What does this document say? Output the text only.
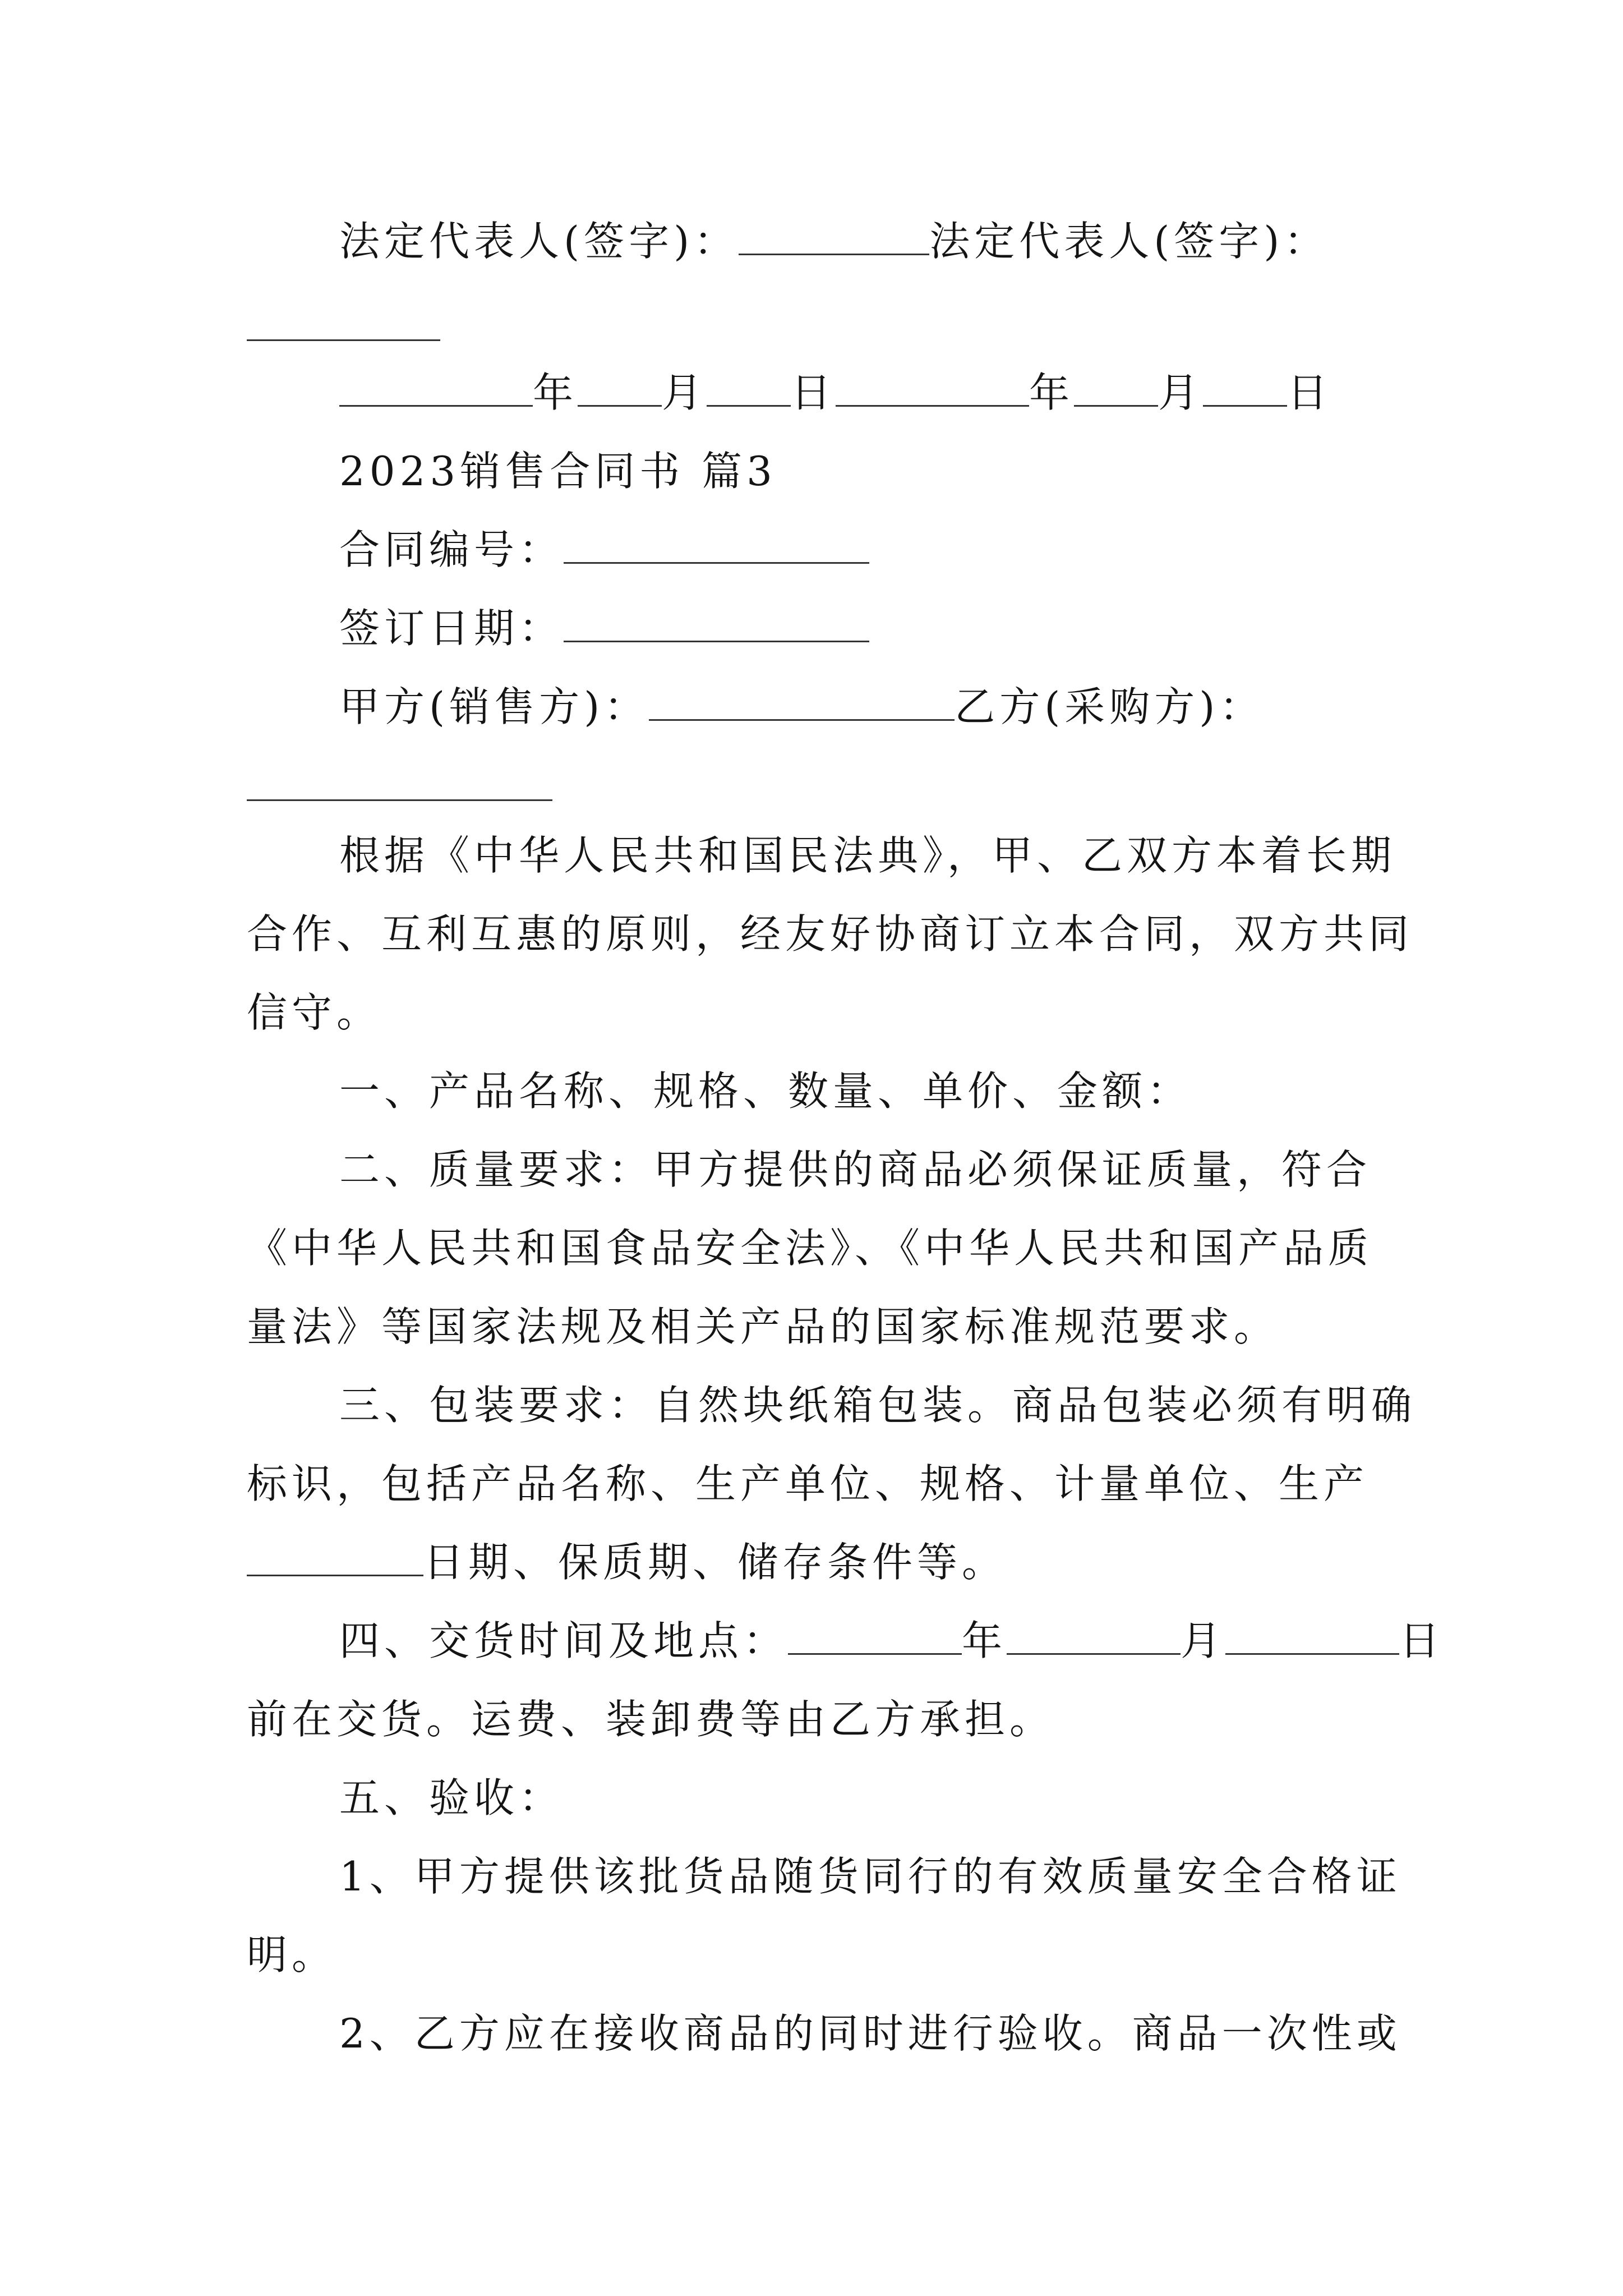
法定代表人(签字)：	法定代表人(签字)：
年 月 日	年 月 日
2023销售合同书 篇3
合同编号：
签订日期：
甲方(销售方)：	乙方(采购方)：
根据《中华人民共和国民法典》，甲、乙双方本着长期
合作、互利互惠的原则，经友好协商订立本合同，双方共同
信守。
一、产品名称、规格、数量、单价、金额：
二、质量要求：甲方提供的商品必须保证质量，符合
《中华人民共和国食品安全法》、《中华人民共和国产品质
量法》等国家法规及相关产品的国家标准规范要求。
三、包装要求：自然块纸箱包装。商品包装必须有明确
标识，包括产品名称、生产单位、规格、计量单位、生产
日期、保质期、储存条件等。
四、交货时间及地点：	年	月	日
前在交货。运费、装卸费等由乙方承担。
五、验收：
1、甲方提供该批货品随货同行的有效质量安全合格证
明。
2、乙方应在接收商品的同时进行验收。商品一次性或
